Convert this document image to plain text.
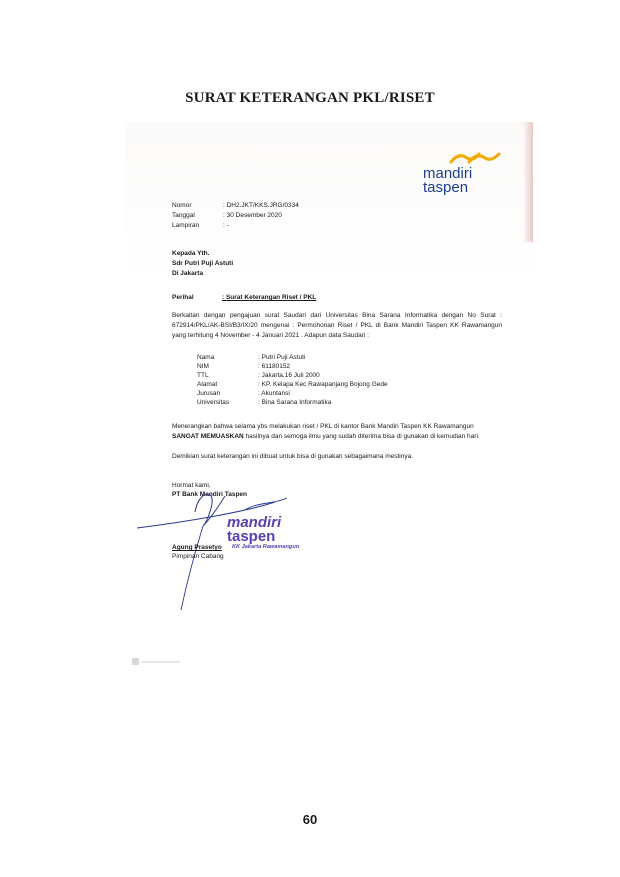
SURAT KETERANGAN PKL/RISET
mandiri
taspen
Nomor	: DH2.JKT/KKS.JRG/0334
Tanggal	: 30 Desember 2020
Lampiran	: -
Kepada Yth.
Sdr Putri Puji Astuti
Di Jakarta
Perihal	: Surat Keterangan Riset / PKL
Berkaitan dengan pengajuan surat Saudari dari Universitas Bina Sarana Informatika dengan No Surat : 672914/PKL/AK-BSI/B3/IX/20 mengenai : Permohonan Riset / PKL di Bank Mandiri Taspen KK Rawamangun yang terhitung 4 November - 4 Januari 2021 . Adapun data Saudari :
Nama	: Putri Puji Astuti
NIM	: 61180152
TTL	: Jakarta,16 Juli 2000
Alamat	: KP. Kelapa Kec Rawapanjang Bojong Gede
Jurusan	: Akuntansi
Universitas	: Bina Sarana Informatika
Menerangkan bahwa selama ybs melakukan riset / PKL di kantor Bank Mandiri Taspen KK Rawamangun
SANGAT MEMUASKAN hasilnya dan semoga ilmu yang sudah diterima bisa di gunakan di kemudian hari.
Demikian surat keterangan ini dibuat untuk bisa di gunakan sebagaimana mestinya.
Hormat kami,
PT Bank Mandiri Taspen
mandiri
taspen
KK Jakarta Rawamangun
Agung Prasetyo
Pimpinan Cabang
60
